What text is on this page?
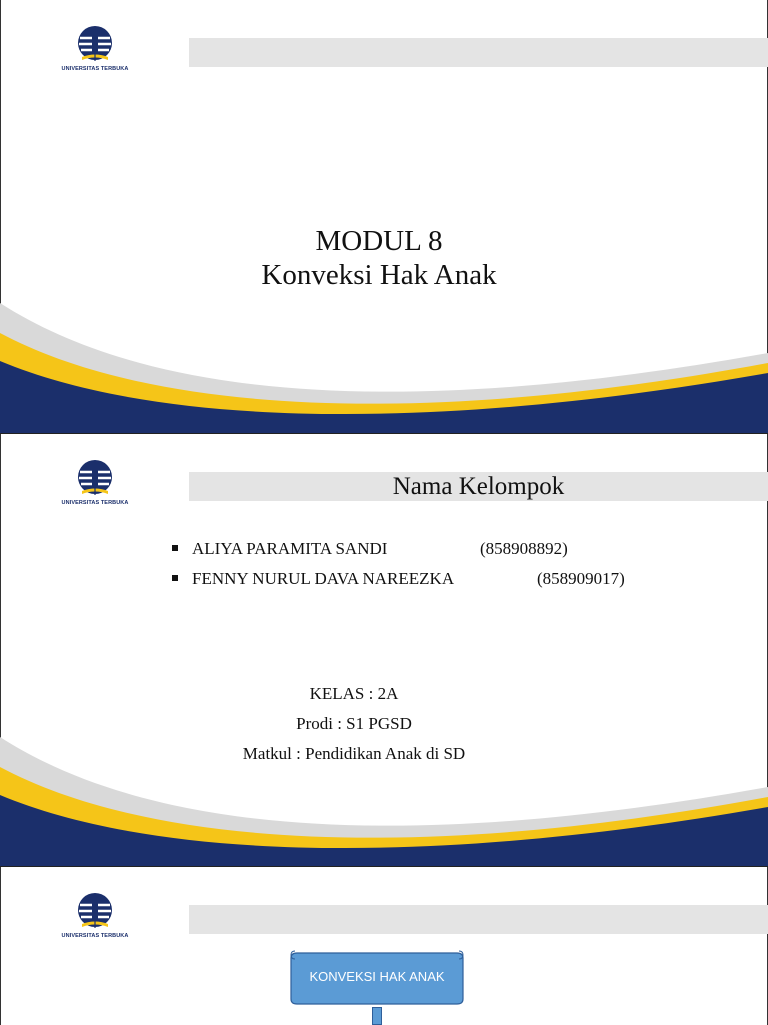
UNIVERSITAS TERBUKA
MODUL 8
Konveksi Hak Anak
UNIVERSITAS TERBUKA
Nama Kelompok
ALIYA PARAMITA SANDI	(858908892)
FENNY NURUL DAVA NAREEZKA	(858909017)
KELAS : 2A
Prodi : S1 PGSD
Matkul : Pendidikan Anak di SD
UNIVERSITAS TERBUKA
KONVEKSI HAK ANAK
